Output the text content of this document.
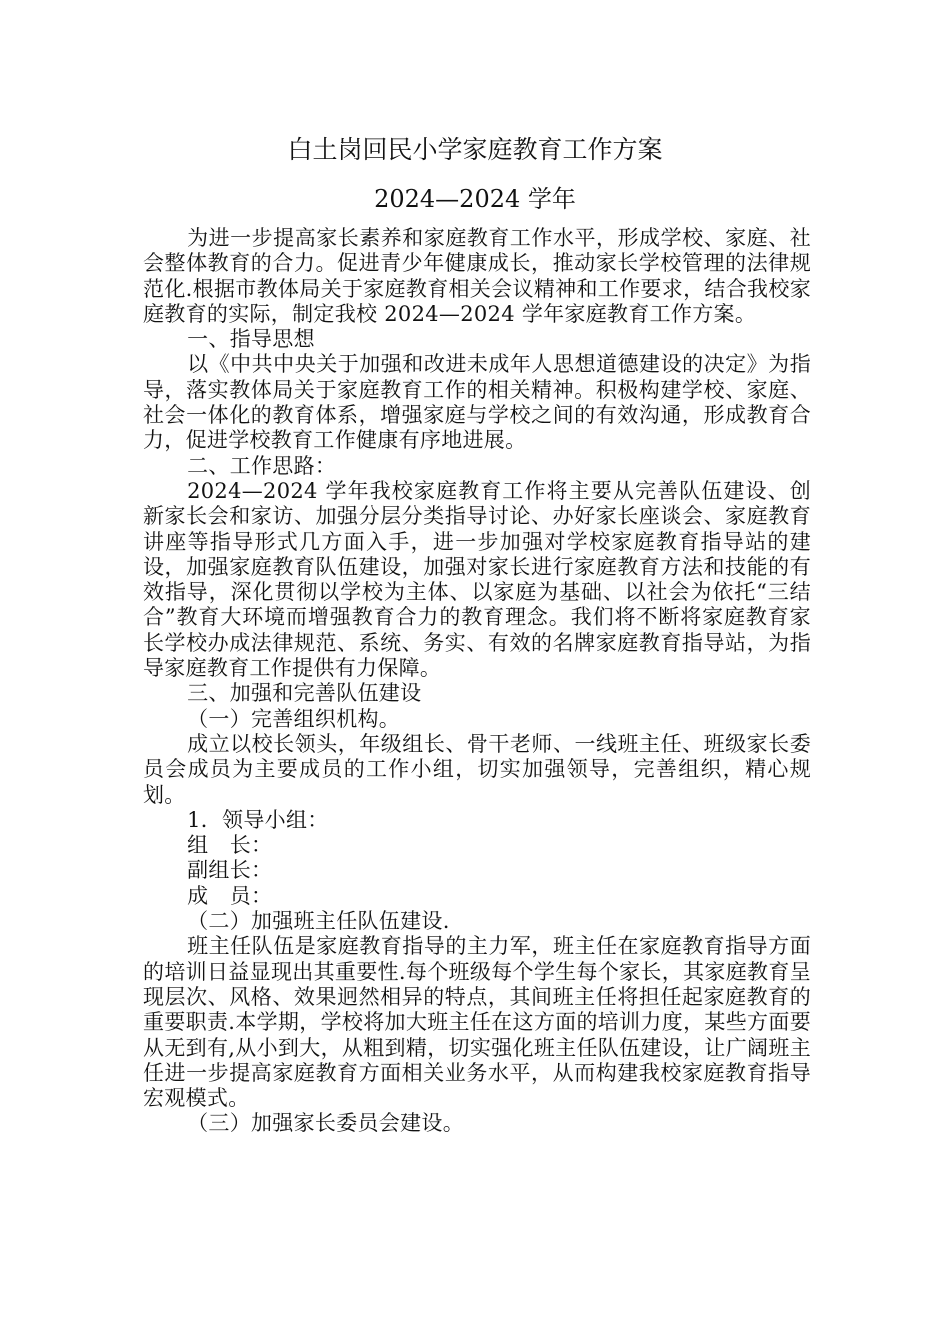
白土岗回民小学家庭教育工作方案
2024—2024 学年

为进一步提高家长素养和家庭教育工作水平，形成学校、家庭、社会整体教育的合力。促进青少年健康成长，推动家长学校管理的法律规范化.根据市教体局关于家庭教育相关会议精神和工作要求，结合我校家庭教育的实际，制定我校 2024—2024 学年家庭教育工作方案。

一、指导思想

以《中共中央关于加强和改进未成年人思想道德建设的决定》为指导，落实教体局关于家庭教育工作的相关精神。积极构建学校、家庭、社会一体化的教育体系，增强家庭与学校之间的有效沟通，形成教育合力，促进学校教育工作健康有序地进展。

二、工作思路：

2024—2024 学年我校家庭教育工作将主要从完善队伍建设、创新家长会和家访、加强分层分类指导讨论、办好家长座谈会、家庭教育讲座等指导形式几方面入手，进一步加强对学校家庭教育指导站的建设，加强家庭教育队伍建设，加强对家长进行家庭教育方法和技能的有效指导，深化贯彻以学校为主体、以家庭为基础、以社会为依托“三结合”教育大环境而增强教育合力的教育理念。我们将不断将家庭教育家长学校办成法律规范、系统、务实、有效的名牌家庭教育指导站，为指导家庭教育工作提供有力保障。

三、加强和完善队伍建设

（一）完善组织机构。

成立以校长领头，年级组长、骨干老师、一线班主任、班级家长委员会成员为主要成员的工作小组，切实加强领导，完善组织，精心规划。

1．领导小组：

组　长：

副组长：

成　员：

（二）加强班主任队伍建设.

班主任队伍是家庭教育指导的主力军，班主任在家庭教育指导方面的培训日益显现出其重要性.每个班级每个学生每个家长，其家庭教育呈现层次、风格、效果迥然相异的特点，其间班主任将担任起家庭教育的重要职责.本学期，学校将加大班主任在这方面的培训力度，某些方面要从无到有,从小到大，从粗到精，切实强化班主任队伍建设，让广阔班主任进一步提高家庭教育方面相关业务水平，从而构建我校家庭教育指导宏观模式。

（三）加强家长委员会建设。
